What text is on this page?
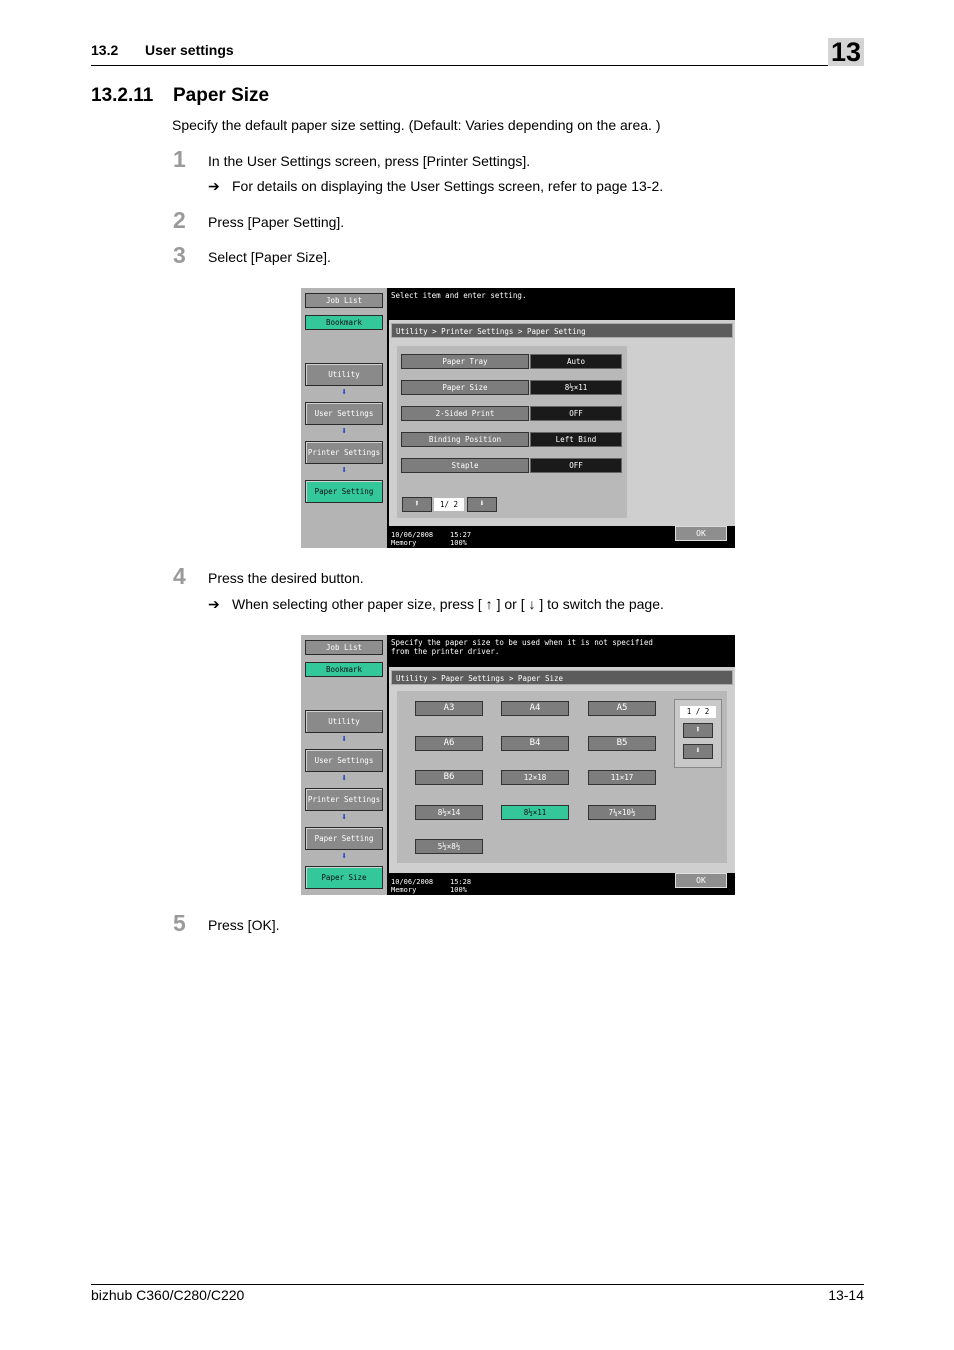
13.2 User settings	13
13.2.11 Paper Size
Specify the default paper size setting. (Default: Varies depending on the area. )
1 In the User Settings screen, press [Printer Settings].
➔ For details on displaying the User Settings screen, refer to page 13-2.
2 Press [Paper Setting].
3 Select [Paper Size].
Job List
Bookmark
Utility
⬇
User Settings
⬇
Printer Settings
⬇
Paper Setting
Select item and enter setting.
Utility > Printer Settings > Paper Setting
Paper Tray	Auto
Paper Size	8½×11
2-Sided Print	OFF
Binding Position	Left Bind
Staple	OFF
⬆	1/ 2	⬇
10/06/2008 15:27
Memory	100%
OK
4 Press the desired button.
➔ When selecting other paper size, press [ ↑ ] or [ ↓ ] to switch the page.
Job List
Bookmark
Utility
⬇
User Settings
⬇
Printer Settings
⬇
Paper Setting
⬇
Paper Size
Specify the paper size to be used when it is not specified
from the printer driver.
Utility > Paper Settings > Paper Size
A3	A4	A5
A6	B4	B5
B6	12×18	11×17
8½×14	8½×11	7¼×10½
5½×8½
1 / 2
⬆
⬇
10/06/2008 15:28
Memory	100%
OK
5 Press [OK].
bizhub C360/C280/C220	13-14
